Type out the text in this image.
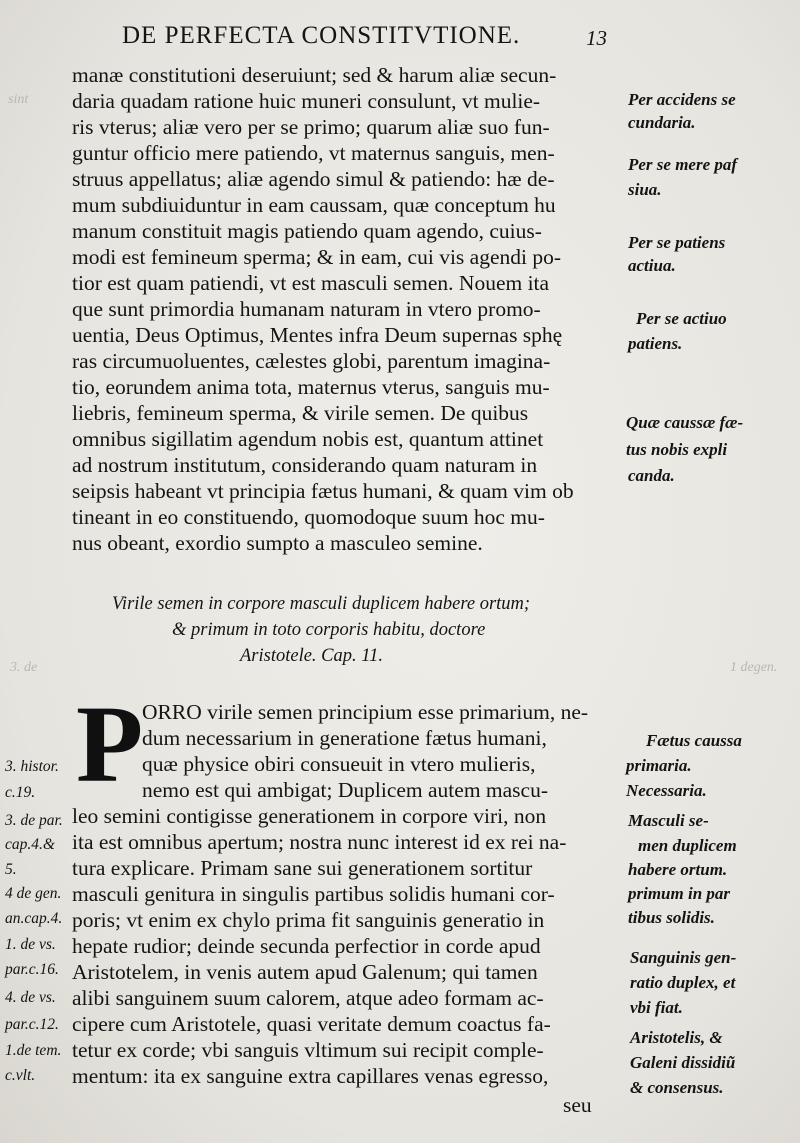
sint
3. de	1 degen.
DE PERFECTA CONSTITVTIONE.	13
manæ constitutioni deseruiunt; sed & harum aliæ secun-
daria quadam ratione huic muneri consulunt, vt mulie-
ris vterus; aliæ vero per se primo; quarum aliæ suo fun-
guntur officio mere patiendo, vt maternus sanguis, men-
struus appellatus; aliæ agendo simul & patiendo: hæ de-
mum subdiuiduntur in eam caussam, quæ conceptum hu
manum constituit magis patiendo quam agendo, cuius-
modi est femineum sperma; & in eam, cui vis agendi po-
tior est quam patiendi, vt est masculi semen. Nouem ita
que sunt primordia humanam naturam in vtero promo-
uentia, Deus Optimus, Mentes infra Deum supernas sphę
ras circumuoluentes, cælestes globi, parentum imagina-
tio, eorundem anima tota, maternus vterus, sanguis mu-
liebris, femineum sperma, & virile semen. De quibus
omnibus sigillatim agendum nobis est, quantum attinet
ad nostrum institutum, considerando quam naturam in
seipsis habeant vt principia fætus humani, & quam vim ob
tineant in eo constituendo, quomodoque suum hoc mu-
nus obeant, exordio sumpto a masculeo semine.
Virile semen in corpore masculi duplicem habere ortum;
& primum in toto corporis habitu, doctore
Aristotele. Cap. 11.
P
ORRO virile semen principium esse primarium, ne-
dum necessarium in generatione fætus humani,
quæ physice obiri consueuit in vtero mulieris,
nemo est qui ambigat; Duplicem autem mascu-
leo semini contigisse generationem in corpore viri, non
ita est omnibus apertum; nostra nunc interest id ex rei na-
tura explicare. Primam sane sui generationem sortitur
masculi genitura in singulis partibus solidis humani cor-
poris; vt enim ex chylo prima fit sanguinis generatio in
hepate rudior; deinde secunda perfectior in corde apud
Aristotelem, in venis autem apud Galenum; qui tamen
alibi sanguinem suum calorem, atque adeo formam ac-
cipere cum Aristotele, quasi veritate demum coactus fa-
tetur ex corde; vbi sanguis vltimum sui recipit comple-
mentum: ita ex sanguine extra capillares venas egresso,
seu
Per accidens se
cundaria.
Per se mere paf
siua.
Per se patiens
actiua.
Per se actiuo
patiens.
Quæ caussæ fæ-
tus nobis expli
canda.
Fætus caussa
primaria.
Necessaria.
Masculi se-
men duplicem
habere ortum.
primum in par
tibus solidis.
Sanguinis gen-
ratio duplex, et
vbi fiat.
Aristotelis, &
Galeni dissidiũ
& consensus.
3. histor.
c.19.
3. de par.
cap.4.&
5.
4 de gen.
an.cap.4.
1. de vs.
par.c.16.
4. de vs.
par.c.12.
1.de tem.
c.vlt.
